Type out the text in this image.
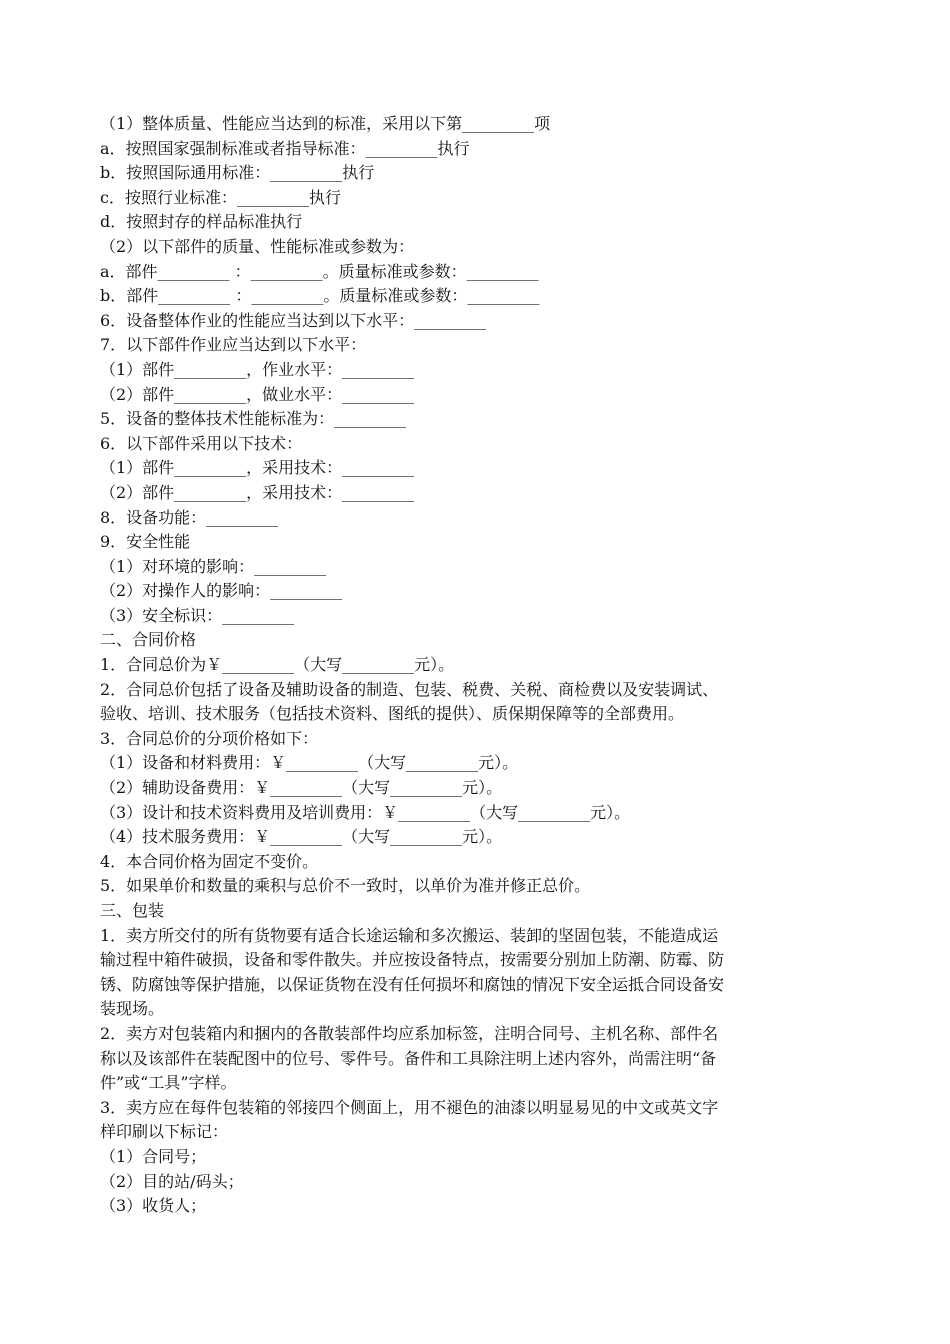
（1）整体质量、性能应当达到的标准，采用以下第_________项
a．按照国家强制标准或者指导标准：_________执行
b．按照国际通用标准：_________执行
c．按照行业标准：_________执行
d．按照封存的样品标准执行
（2）以下部件的质量、性能标准或参数为：
a．部件_________ ：_________。质量标准或参数：_________
b．部件_________ ：_________。质量标准或参数：_________
6．设备整体作业的性能应当达到以下水平：_________
7．以下部件作业应当达到以下水平：
（1）部件_________，作业水平：_________
（2）部件_________，做业水平：_________
5．设备的整体技术性能标准为：_________
6．以下部件采用以下技术：
（1）部件_________，采用技术：_________
（2）部件_________，采用技术：_________
8．设备功能：_________
9．安全性能
（1）对环境的影响：_________
（2）对操作人的影响：_________
（3）安全标识：_________
二、合同价格
1．合同总价为￥_________（大写_________元）。
2．合同总价包括了设备及辅助设备的制造、包装、税费、关税、商检费以及安装调试、
验收、培训、技术服务（包括技术资料、图纸的提供）、质保期保障等的全部费用。
3．合同总价的分项价格如下：
（1）设备和材料费用：￥_________（大写_________元）。
（2）辅助设备费用：￥_________（大写_________元）。
（3）设计和技术资料费用及培训费用：￥_________（大写_________元）。
（4）技术服务费用：￥_________（大写_________元）。
4．本合同价格为固定不变价。
5．如果单价和数量的乘积与总价不一致时，以单价为准并修正总价。
三、包装
1．卖方所交付的所有货物要有适合长途运输和多次搬运、装卸的坚固包装，不能造成运
输过程中箱件破损，设备和零件散失。并应按设备特点，按需要分别加上防潮、防霉、防
锈、防腐蚀等保护措施，以保证货物在没有任何损坏和腐蚀的情况下安全运抵合同设备安
装现场。
2．卖方对包装箱内和捆内的各散装部件均应系加标签，注明合同号、主机名称、部件名
称以及该部件在装配图中的位号、零件号。备件和工具除注明上述内容外，尚需注明“备
件”或“工具”字样。
3．卖方应在每件包装箱的邻接四个侧面上，用不褪色的油漆以明显易见的中文或英文字
样印刷以下标记：
（1）合同号；
（2）目的站/码头；
（3）收货人；
